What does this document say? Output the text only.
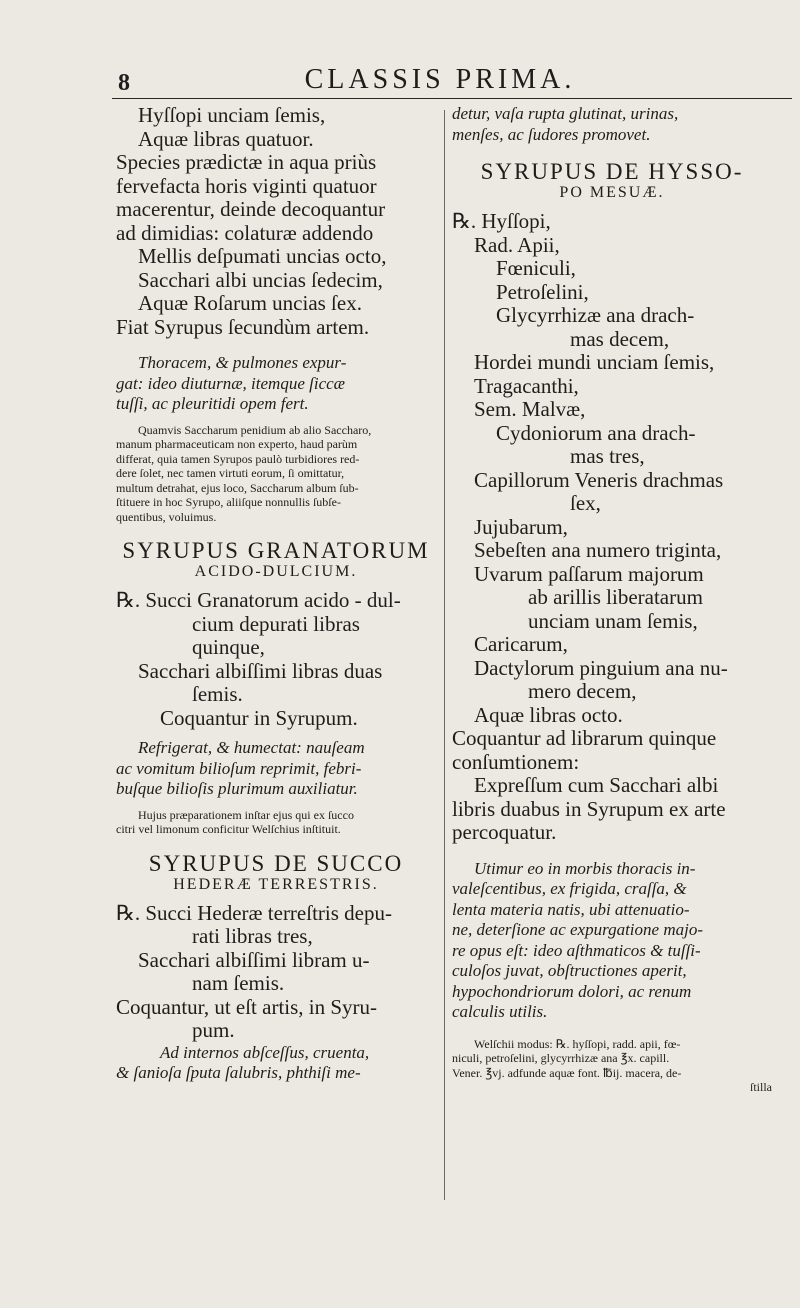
8	CLASSIS PRIMA.
Hyſſopi unciam ſemis,
Aquæ libras quatuor.
Species prædictæ in aqua priùs
fervefacta horis viginti quatuor
macerentur, deinde decoquantur
ad dimidias: colaturæ addendo
Mellis deſpumati uncias octo,
Sacchari albi uncias ſedecim,
Aquæ Roſarum uncias ſex.
Fiat Syrupus ſecundùm artem.
Thoracem, & pulmones expur-
gat: ideo diuturnæ, itemque ſiccæ
tuſſi, ac pleuritidi opem fert.
Quamvis Saccharum penidium ab alio Saccharo,
manum pharmaceuticam non experto, haud parùm
differat, quia tamen Syrupos paulò turbidiores red-
dere ſolet, nec tamen virtuti eorum, ſi omittatur,
multum detrahat, ejus loco, Saccharum album ſub-
ſtituere in hoc Syrupo, aliiſque nonnullis ſubſe-
quentibus, voluimus.
SYRUPUS GRANATORUM
ACIDO-DULCIUM.
℞. Succi Granatorum acido - dul-
cium depurati libras
quinque,
Sacchari albiſſimi libras duas
ſemis.
Coquantur in Syrupum.
Refrigerat, & humectat: nauſeam
ac vomitum bilioſum reprimit, febri-
buſque bilioſis plurimum auxiliatur.
Hujus præparationem inſtar ejus qui ex ſucco
citri vel limonum conficitur Welſchius inſtituit.
SYRUPUS DE SUCCO
HEDERÆ TERRESTRIS.
℞. Succi Hederæ terreſtris depu-
rati libras tres,
Sacchari albiſſimi libram u-
nam ſemis.
Coquantur, ut eſt artis, in Syru-
pum.
Ad internos abſceſſus, cruenta,
& ſanioſa ſputa ſalubris, phthiſi me-
detur, vaſa rupta glutinat, urinas,
menſes, ac ſudores promovet.
SYRUPUS DE HYSSO-
PO MESUÆ.
℞. Hyſſopi,
Rad. Apii,
Fœniculi,
Petroſelini,
Glycyrrhizæ ana drach-
mas decem,
Hordei mundi unciam ſemis,
Tragacanthi,
Sem. Malvæ,
Cydoniorum ana drach-
mas tres,
Capillorum Veneris drachmas
ſex,
Jujubarum,
Sebeſten ana numero triginta,
Uvarum paſſarum majorum
ab arillis liberatarum
unciam unam ſemis,
Caricarum,
Dactylorum pinguium ana nu-
mero decem,
Aquæ libras octo.
Coquantur ad librarum quinque
conſumtionem:
Expreſſum cum Sacchari albi
libris duabus in Syrupum ex arte
percoquatur.
Utimur eo in morbis thoracis in-
valeſcentibus, ex frigida, craſſa, &
lenta materia natis, ubi attenuatio-
ne, deterſione ac expurgatione majo-
re opus eſt: ideo aſthmaticos & tuſſi-
culoſos juvat, obſtructiones aperit,
hypochondriorum dolori, ac renum
calculis utilis.
Welſchii modus: ℞. hyſſopi, radd. apii, fœ-
niculi, petroſelini, glycyrrhizæ ana ℥x. capill.
Vener. ℥vj. adfunde aquæ font. ℔ij. macera, de-
ſtilla
